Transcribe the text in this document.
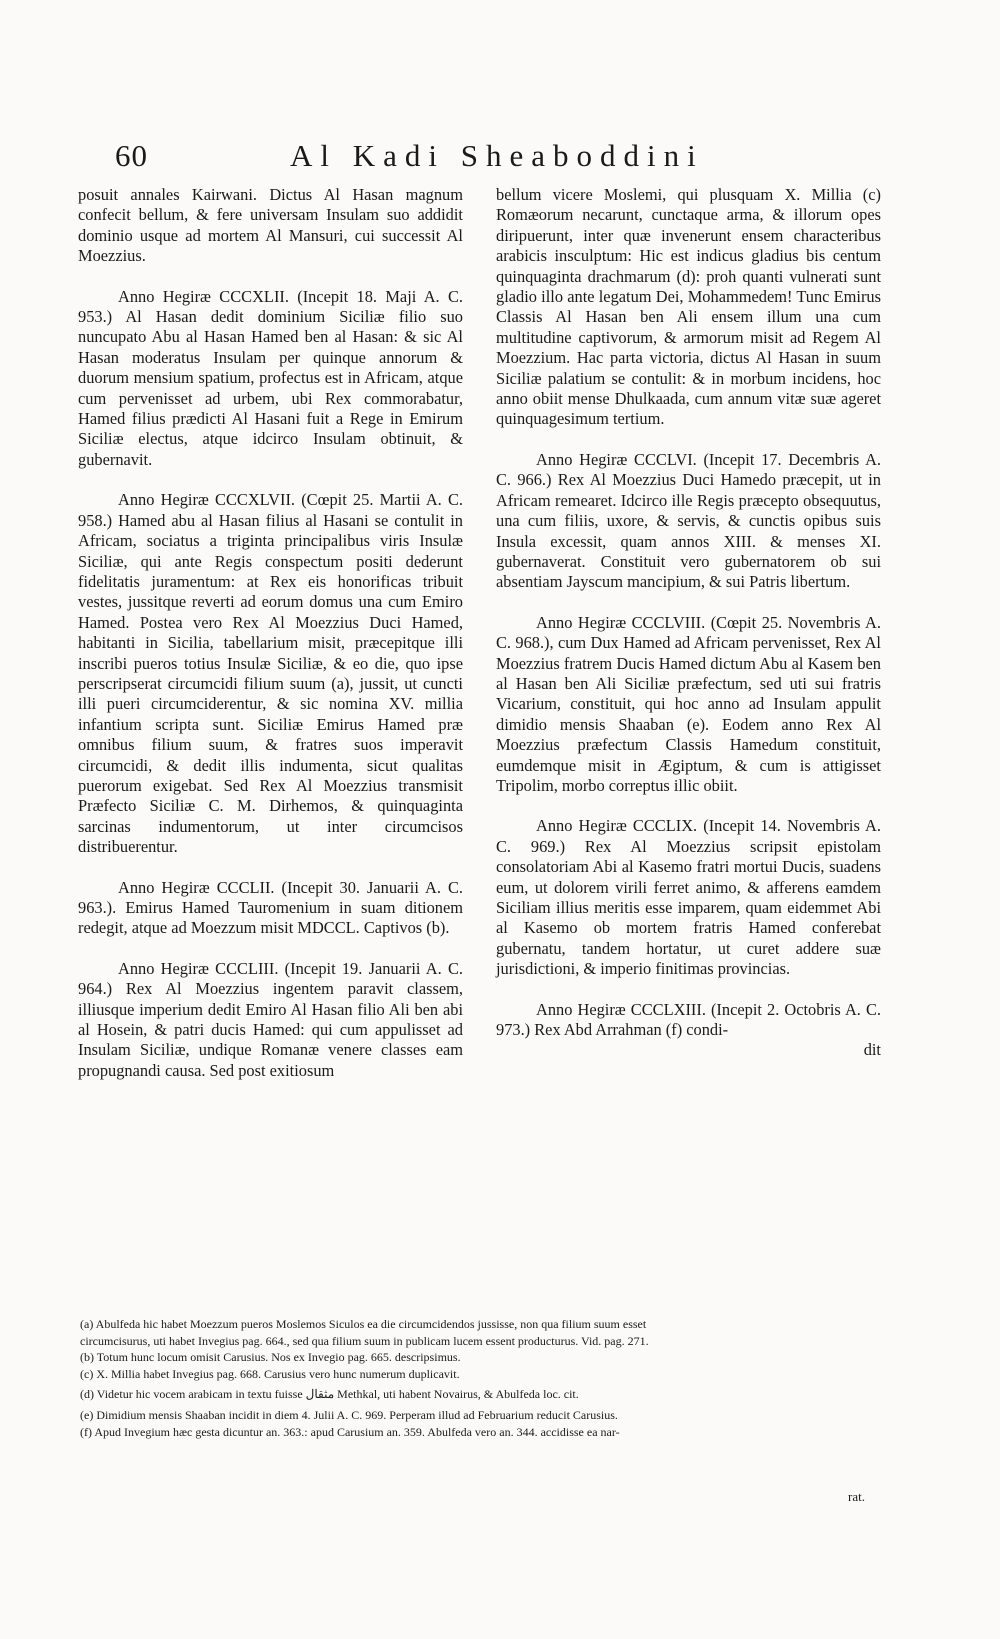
60	Al Kadi Sheaboddini

posuit annales Kairwani. Dictus Al Hasan magnum confecit bellum, & fere universam Insulam suo addidit dominio usque ad mortem Al Mansuri, cui successit Al Moezzius.

Anno Hegiræ CCCXLII. (Incepit 18. Maji A. C. 953.) Al Hasan dedit dominium Siciliæ filio suo nuncupato Abu al Hasan Hamed ben al Hasan: & sic Al Hasan moderatus Insulam per quinque annorum & duorum mensium spatium, profectus est in Africam, atque cum pervenisset ad urbem, ubi Rex commorabatur, Hamed filius prædicti Al Hasani fuit a Rege in Emirum Siciliæ electus, atque idcirco Insulam obtinuit, & gubernavit.

Anno Hegiræ CCCXLVII. (Cœpit 25. Martii A. C. 958.) Hamed abu al Hasan filius al Hasani se contulit in Africam, sociatus a triginta principalibus viris Insulæ Siciliæ, qui ante Regis conspectum positi dederunt fidelitatis juramentum: at Rex eis honorificas tribuit vestes, jussitque reverti ad eorum domus una cum Emiro Hamed. Postea vero Rex Al Moezzius Duci Hamed, habitanti in Sicilia, tabellarium misit, præcepitque illi inscribi pueros totius Insulæ Siciliæ, & eo die, quo ipse perscripserat circumcidi filium suum (a), jussit, ut cuncti illi pueri circumciderentur, & sic nomina XV. millia infantium scripta sunt. Siciliæ Emirus Hamed præ omnibus filium suum, & fratres suos imperavit circumcidi, & dedit illis indumenta, sicut qualitas puerorum exigebat. Sed Rex Al Moezzius transmisit Præfecto Siciliæ C. M. Dirhemos, & quinquaginta sarcinas indumentorum, ut inter circumcisos distribuerentur.

Anno Hegiræ CCCLII. (Incepit 30. Januarii A. C. 963.). Emirus Hamed Tauromenium in suam ditionem redegit, atque ad Moezzum misit MDCCL. Captivos (b).

Anno Hegiræ CCCLIII. (Incepit 19. Januarii A. C. 964.) Rex Al Moezzius ingentem paravit classem, illiusque imperium dedit Emiro Al Hasan filio Ali ben abi al Hosein, & patri ducis Hamed: qui cum appulisset ad Insulam Siciliæ, undique Romanæ venere classes eam propugnandi causa. Sed post exitiosum

bellum vicere Moslemi, qui plusquam X. Millia (c) Romæorum necarunt, cunctaque arma, & illorum opes diripuerunt, inter quæ invenerunt ensem characteribus arabicis insculptum: Hic est indicus gladius bis centum quinquaginta drachmarum (d): proh quanti vulnerati sunt gladio illo ante legatum Dei, Mohammedem! Tunc Emirus Classis Al Hasan ben Ali ensem illum una cum multitudine captivorum, & armorum misit ad Regem Al Moezzium. Hac parta victoria, dictus Al Hasan in suum Siciliæ palatium se contulit: & in morbum incidens, hoc anno obiit mense Dhulkaada, cum annum vitæ suæ ageret quinquagesimum tertium.

Anno Hegiræ CCCLVI. (Incepit 17. Decembris A. C. 966.) Rex Al Moezzius Duci Hamedo præcepit, ut in Africam remearet. Idcirco ille Regis præcepto obsequutus, una cum filiis, uxore, & servis, & cunctis opibus suis Insula excessit, quam annos XIII. & menses XI. gubernaverat. Constituit vero gubernatorem ob sui absentiam Jayscum mancipium, & sui Patris libertum.

Anno Hegiræ CCCLVIII. (Cœpit 25. Novembris A. C. 968.), cum Dux Hamed ad Africam pervenisset, Rex Al Moezzius fratrem Ducis Hamed dictum Abu al Kasem ben al Hasan ben Ali Siciliæ præfectum, sed uti sui fratris Vicarium, constituit, qui hoc anno ad Insulam appulit dimidio mensis Shaaban (e). Eodem anno Rex Al Moezzius præfectum Classis Hamedum constituit, eumdemque misit in Ægiptum, & cum is attigisset Tripolim, morbo correptus illic obiit.

Anno Hegiræ CCCLIX. (Incepit 14. Novembris A. C. 969.) Rex Al Moezzius scripsit epistolam consolatoriam Abi al Kasemo fratri mortui Ducis, suadens eum, ut dolorem virili ferret animo, & afferens eamdem Siciliam illius meritis esse imparem, quam eidemmet Abi al Kasemo ob mortem fratris Hamed conferebat gubernatu, tandem hortatur, ut curet addere suæ jurisdictioni, & imperio finitimas provincias.

Anno Hegiræ CCCLXIII. (Incepit 2. Octobris A. C. 973.) Rex Abd Arrahman (f) condi-

dit

(a) Abulfeda hic habet Moezzum pueros Moslemos Siculos ea die circumcidendos jussisse, non qua filium suum esset

circumcisurus, uti habet Invegius pag. 664., sed qua filium suum in publicam lucem essent producturus. Vid. pag. 271.

(b) Totum hunc locum omisit Carusius. Nos ex Invegio pag. 665. descripsimus.

(c) X. Millia habet Invegius pag. 668. Carusius vero hunc numerum duplicavit.

(d) Videtur hic vocem arabicam in textu fuisse مثقال Methkal, uti habent Novairus, & Abulfeda loc. cit.

(e) Dimidium mensis Shaaban incidit in diem 4. Julii A. C. 969. Perperam illud ad Februarium reducit Carusius.

(f) Apud Invegium hæc gesta dicuntur an. 363.: apud Carusium an. 359. Abulfeda vero an. 344. accidisse ea nar-

rat.
